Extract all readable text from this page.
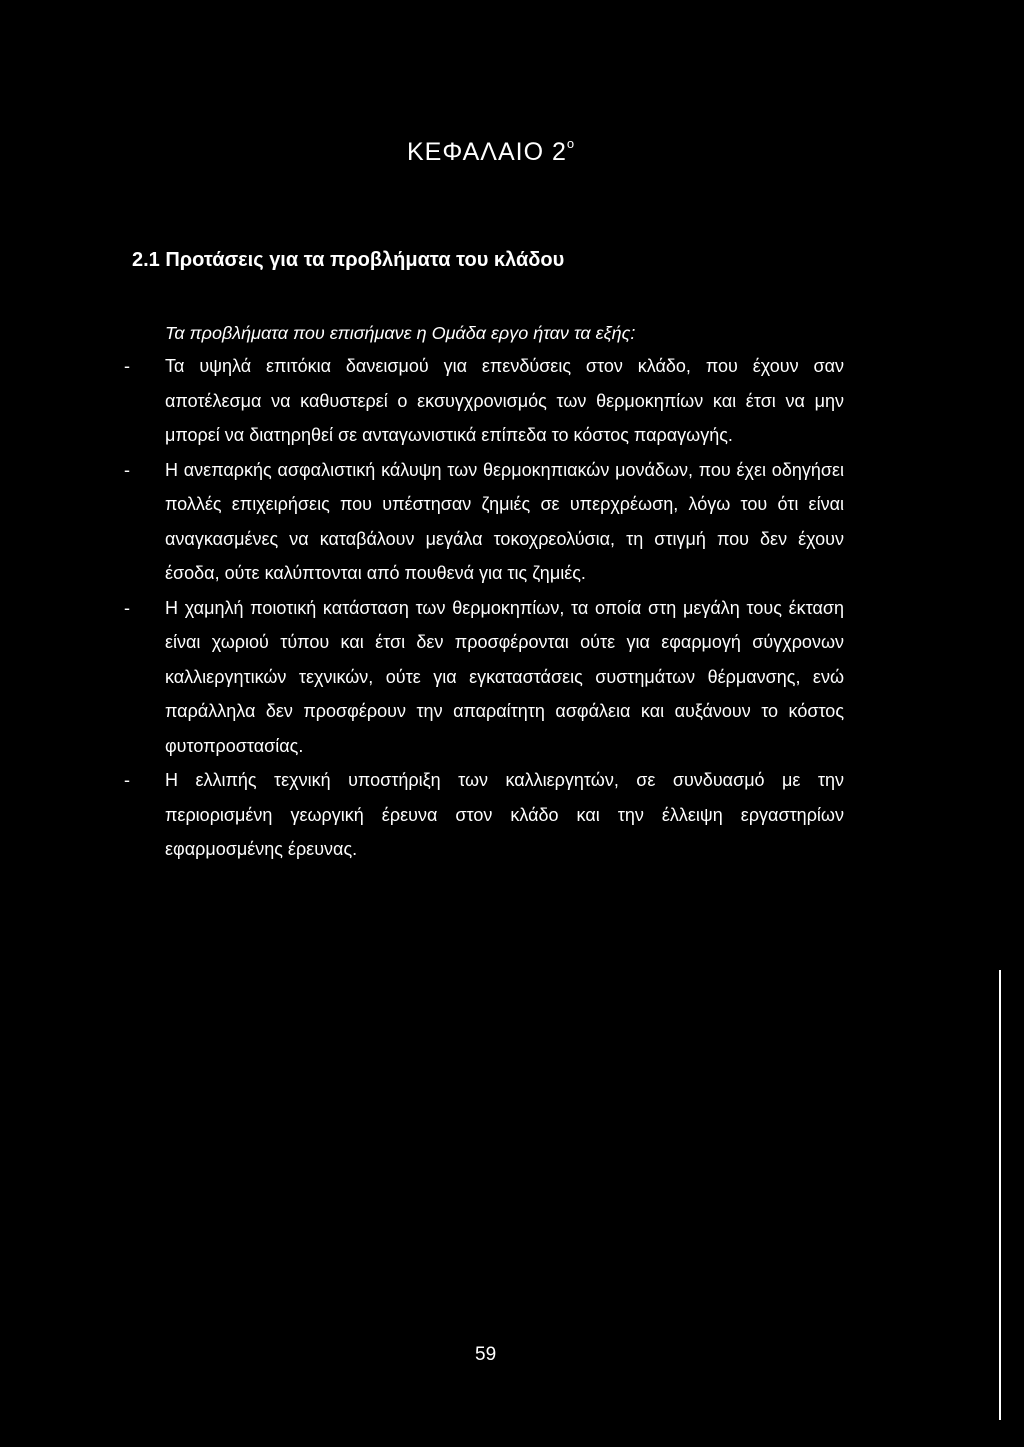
ΚΕΦΑΛΑΙΟ $2^o$
2.1 Προτάσεις για τα προβλήματα του κλάδου

Τα προβλήματα που επισήμανε η Ομάδα εργο ήταν τα εξής:

- Τα υψηλά επιτόκια δανεισμού για επενδύσεις στον κλάδο, που έχουν σαν αποτέλεσμα να καθυστερεί ο εκσυγχρονισμός των θερμοκηπίων και έτσι να μην μπορεί να διατηρηθεί σε ανταγωνιστικά επίπεδα το κόστος παραγωγής.
- Η ανεπαρκής ασφαλιστική κάλυψη των θερμοκηπιακών μονάδων, που έχει οδηγήσει πολλές επιχειρήσεις που υπέστησαν ζημιές σε υπερχρέωση, λόγω του ότι είναι αναγκασμένες να καταβάλουν μεγάλα τοκοχρεολύσια, τη στιγμή που δεν έχουν έσοδα, ούτε καλύπτονται από πουθενά για τις ζημιές.
- Η χαμηλή ποιοτική κατάσταση των θερμοκηπίων, τα οποία στη μεγάλη τους έκταση είναι χωριού τύπου και έτσι δεν προσφέρονται ούτε για εφαρμογή σύγχρονων καλλιεργητικών τεχνικών, ούτε για εγκαταστάσεις συστημάτων θέρμανσης, ενώ παράλληλα δεν προσφέρουν την απαραίτητη ασφάλεια και αυξάνουν το κόστος φυτοπροστασίας.
- Η ελλιπής τεχνική υποστήριξη των καλλιεργητών, σε συνδυασμό με την περιορισμένη γεωργική έρευνα στον κλάδο και την έλλειψη εργαστηρίων εφαρμοσμένης έρευνας.

59
